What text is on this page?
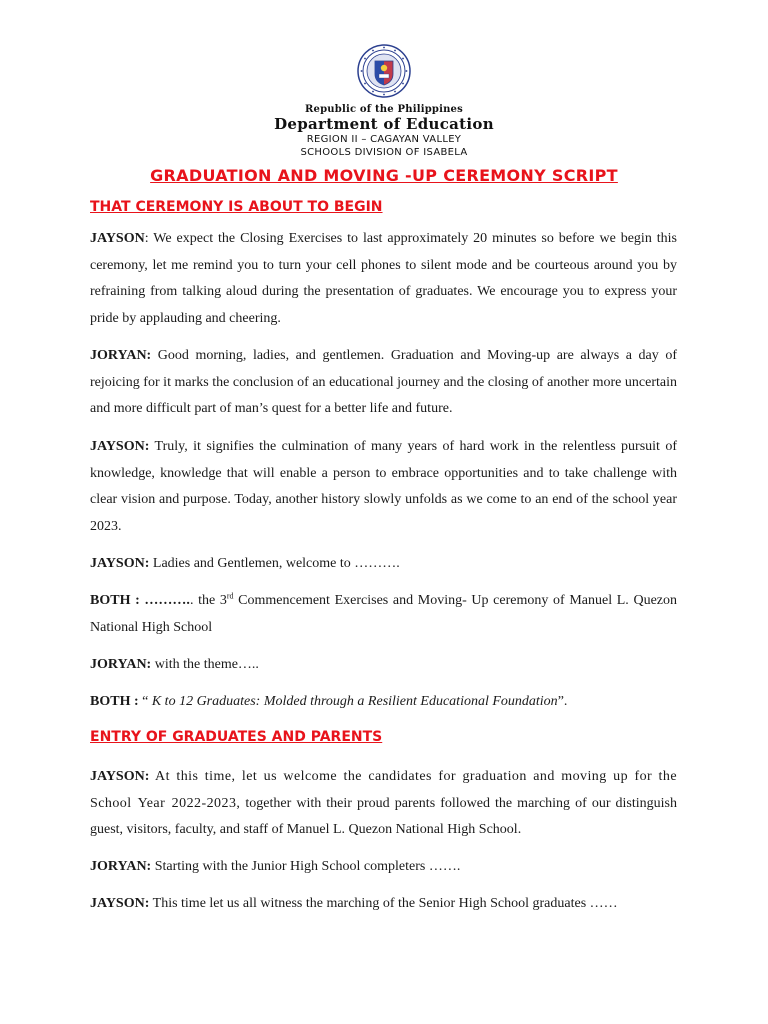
Republic of the Philippines
Department of Education
REGION II – CAGAYAN VALLEY
SCHOOLS DIVISION OF ISABELA
GRADUATION AND MOVING -UP CEREMONY SCRIPT
THAT CEREMONY IS ABOUT TO BEGIN

JAYSON: We expect the Closing Exercises to last approximately 20 minutes so before we begin this ceremony, let me remind you to turn your cell phones to silent mode and be courteous around you by refraining from talking aloud during the presentation of graduates. We encourage you to express your pride by applauding and cheering.

JORYAN: Good morning, ladies, and gentlemen. Graduation and Moving-up are always a day of rejoicing for it marks the conclusion of an educational journey and the closing of another more uncertain and more difficult part of man’s quest for a better life and future.

JAYSON: Truly, it signifies the culmination of many years of hard work in the relentless pursuit of knowledge, knowledge that will enable a person to embrace opportunities and to take challenge with clear vision and purpose. Today, another history slowly unfolds as we come to an end of the school year 2023.

JAYSON: Ladies and Gentlemen, welcome to ……….

BOTH : ……….. the 3rd Commencement Exercises and Moving- Up ceremony of Manuel L. Quezon National High School

JORYAN: with the theme…..

BOTH : “ K to 12 Graduates: Molded through a Resilient Educational Foundation”.

ENTRY OF GRADUATES AND PARENTS

JAYSON: At this time, let us welcome the candidates for graduation and moving up for the School Year 2022-2023, together with their proud parents followed the marching of our distinguish guest, visitors, faculty, and staff of Manuel L. Quezon National High School.

JORYAN: Starting with the Junior High School completers …….

JAYSON: This time let us all witness the marching of the Senior High School graduates ……
